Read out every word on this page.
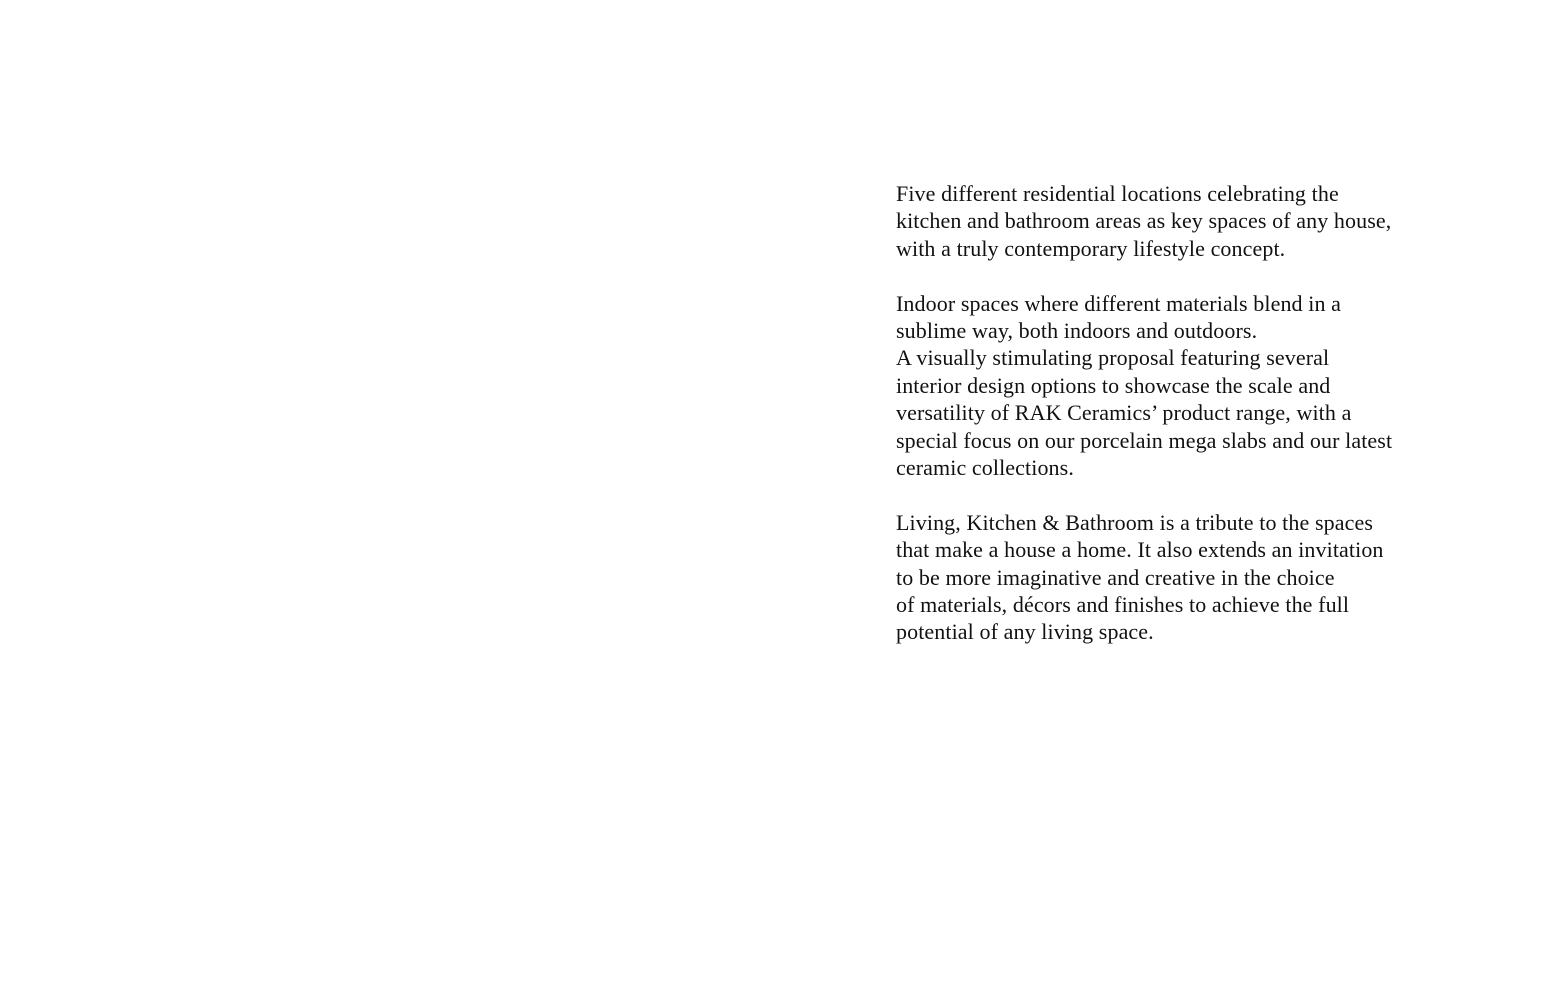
Five different residential locations celebrating the
kitchen and bathroom areas as key spaces of any house,
with a truly contemporary lifestyle concept.

Indoor spaces where different materials blend in a
sublime way, both indoors and outdoors.
A visually stimulating proposal featuring several
interior design options to showcase the scale and
versatility of RAK Ceramics’ product range, with a
special focus on our porcelain mega slabs and our latest
ceramic collections.

Living, Kitchen & Bathroom is a tribute to the spaces
that make a house a home. It also extends an invitation
to be more imaginative and creative in the choice
of materials, décors and finishes to achieve the full
potential of any living space.
